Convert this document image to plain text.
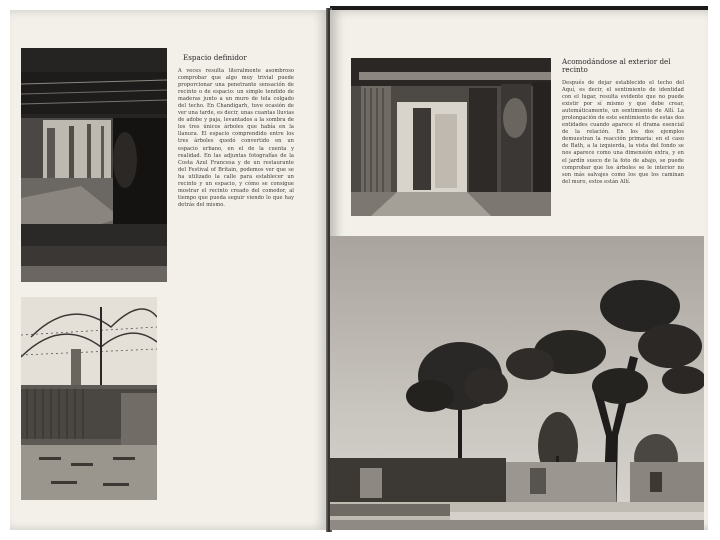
Espacio definidor
A veces resulta literalmente asombroso comprobar que algo muy trivial puede proporcionar una penetrante sensación de recinto o de espacio: un simple tendido de maderas junto a un muro de tela colgado del techo. En Chandigarh, tuve ocasión de ver una tarde, es decir, unas cuantas lluvias de adobe y paja, levantados a la sombra de los tres únicos árboles que había en la llanura. El espacio comprendido entre los tres árboles quedó convertido en un espacio urbano, en el de la cuenta y realidad. En las adjuntas fotografías de la Costa Azul Francesa y de un restaurante del Festival of Britain, podemos ver que se ha utilizado la calle para establecer un recinto y un espacio, y cómo se consigue mostrar el recinto creado del comedor, al tiempo que pueda seguir viendo lo que hay detrás del mismo.
Acomodándose al exterior del recinto
Después de dejar establecido el techo del Aquí, es decir, el sentimiento de identidad con el lugar, resulta evidente que no puede existir por sí mismo y que debe crear, automáticamente, un sentimiento de Allí. La prolongación de este sentimiento de estas dos entidades cuando aparece el drama esencial de la relación. En los dos ejemplos demuestran la reacción primaria: en el caso de Bath, a la izquierda, la vista del fondo se nos aparece como una dimensión extra, y en el jardín sueco de la foto de abajo, se puede comprobar que los árboles se le interior no son más salvajes como los que los caminan del muro, estos están Allí.
